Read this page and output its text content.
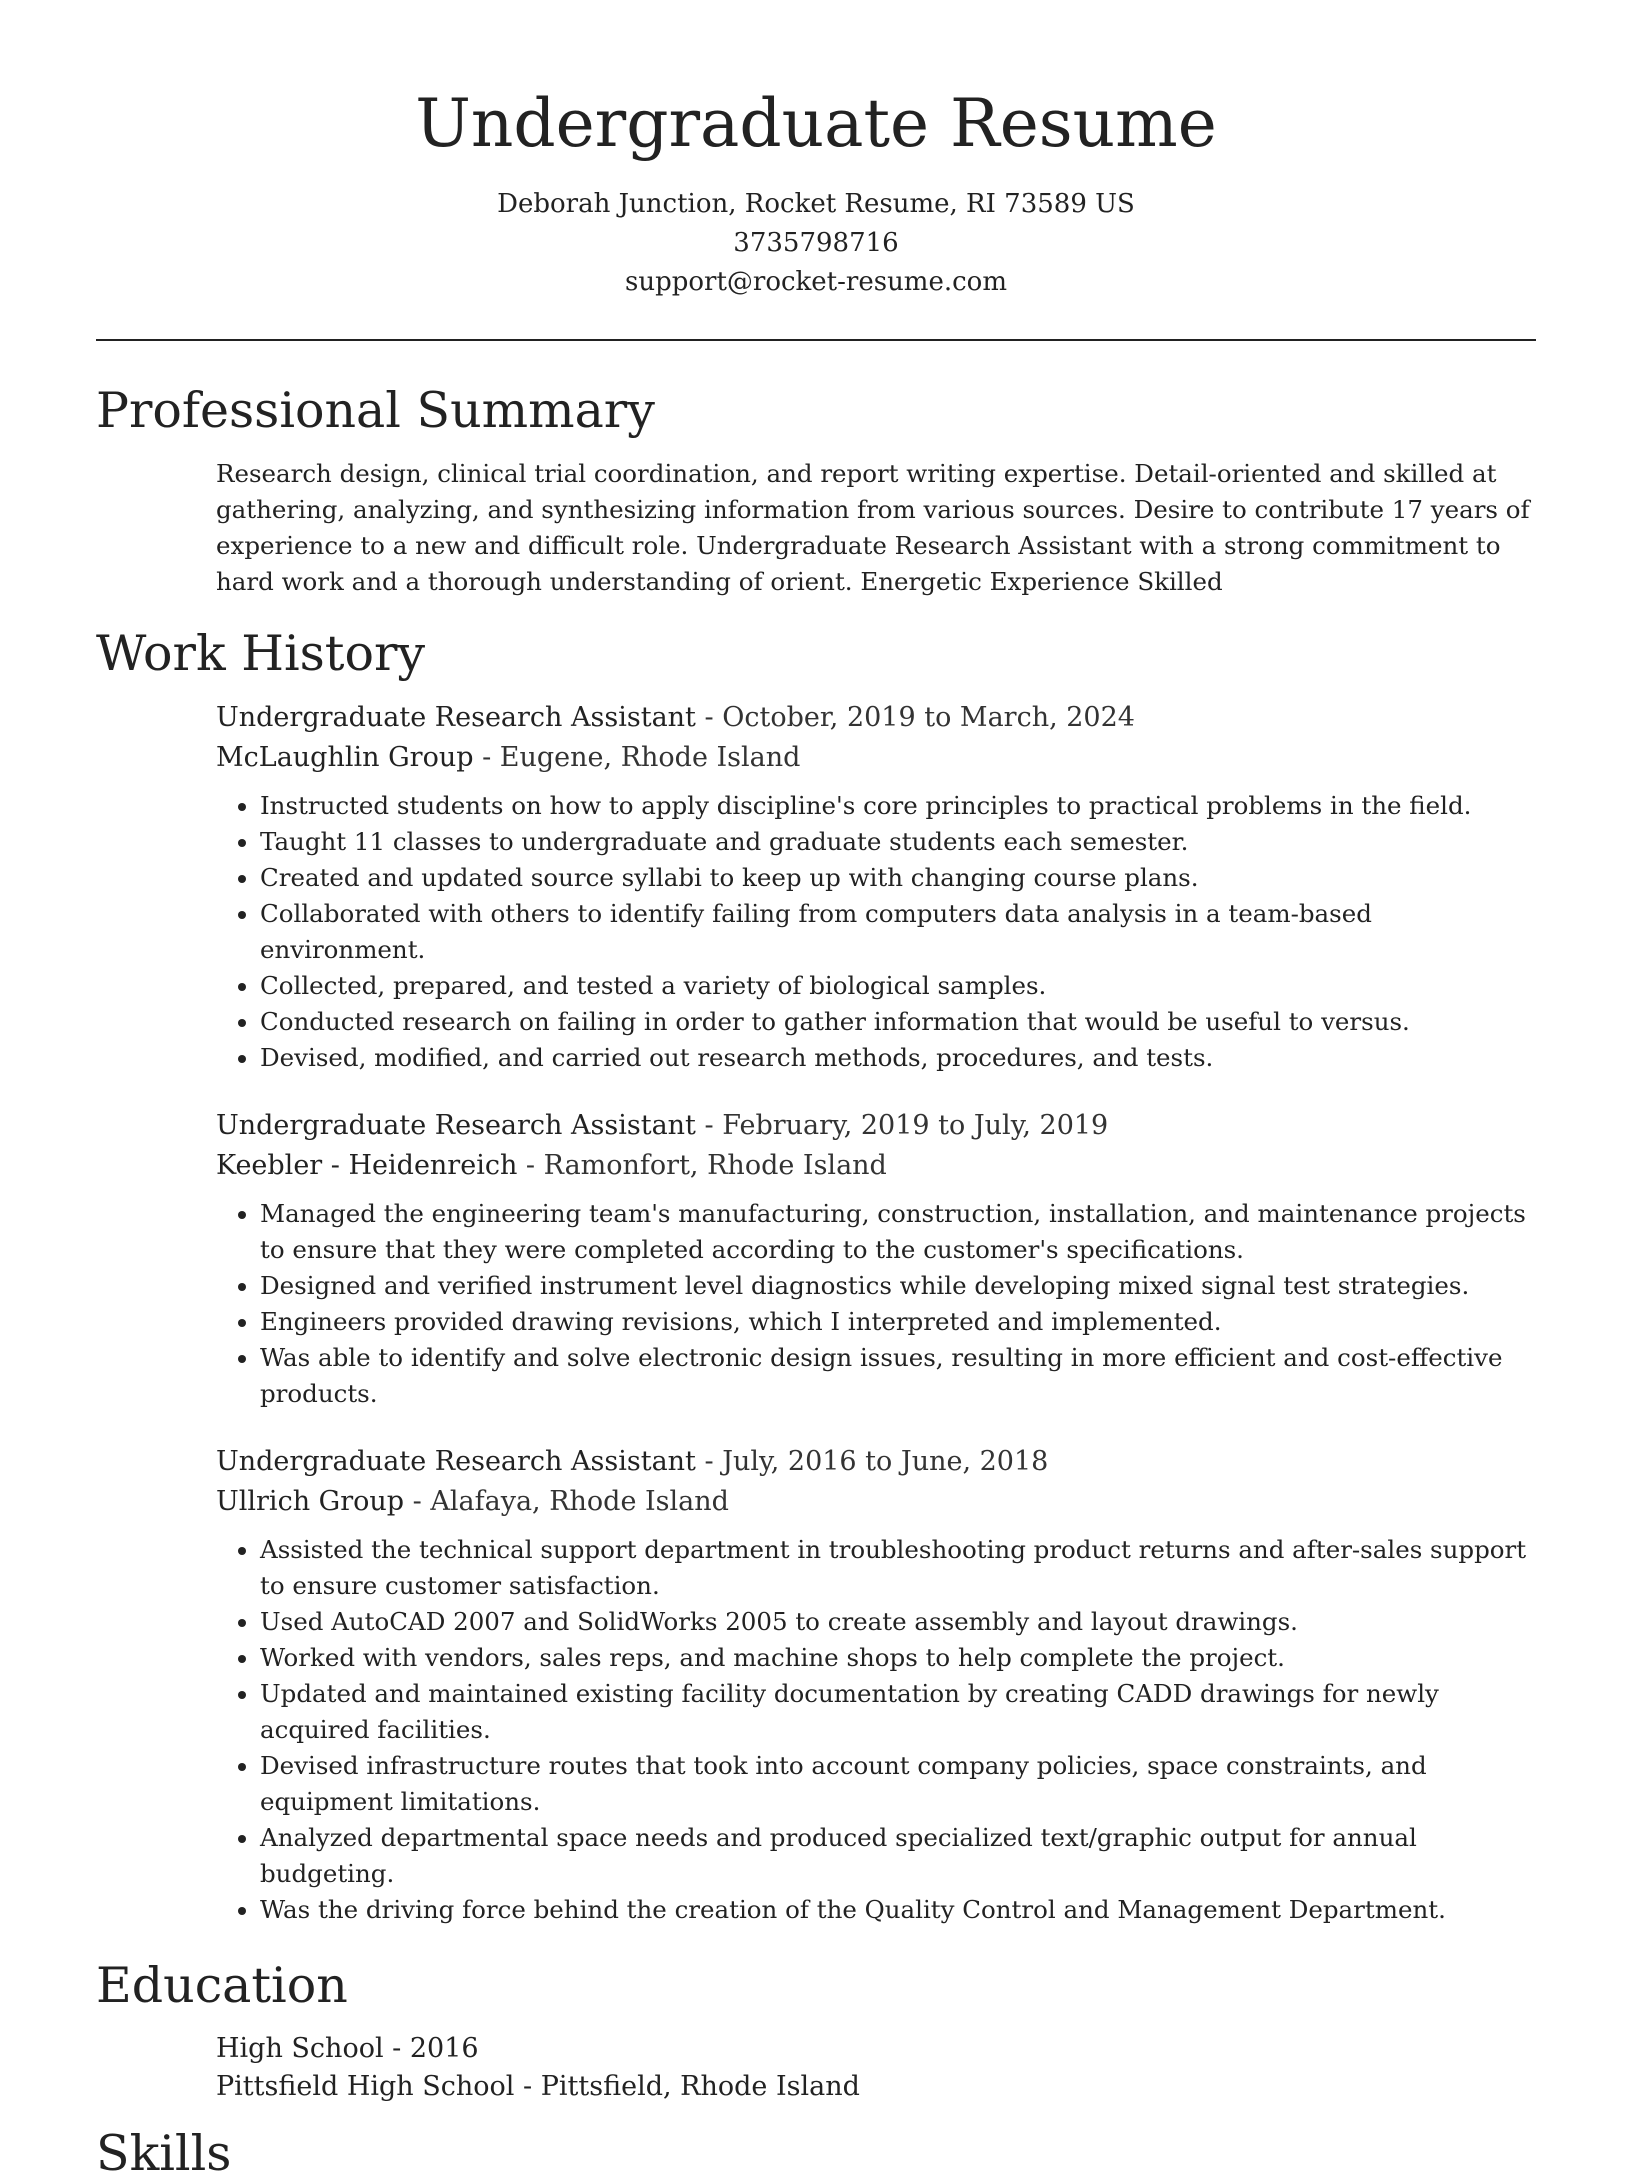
Undergraduate Resume

Deborah Junction, Rocket Resume, RI 73589 US

3735798716

support@rocket-resume.com

Professional Summary

Research design, clinical trial coordination, and report writing expertise. Detail-oriented and skilled at gathering, analyzing, and synthesizing information from various sources. Desire to contribute 17 years of experience to a new and difficult role. Undergraduate Research Assistant with a strong commitment to hard work and a thorough understanding of orient. Energetic Experience Skilled

Work History

Undergraduate Research Assistant - October, 2019 to March, 2024

McLaughlin Group - Eugene, Rhode Island

• Instructed students on how to apply discipline's core principles to practical problems in the field.
• Taught 11 classes to undergraduate and graduate students each semester.
• Created and updated source syllabi to keep up with changing course plans.
• Collaborated with others to identify failing from computers data analysis in a team-based environment.
• Collected, prepared, and tested a variety of biological samples.
• Conducted research on failing in order to gather information that would be useful to versus.
• Devised, modified, and carried out research methods, procedures, and tests.

Undergraduate Research Assistant - February, 2019 to July, 2019

Keebler - Heidenreich - Ramonfort, Rhode Island

• Managed the engineering team's manufacturing, construction, installation, and maintenance projects to ensure that they were completed according to the customer's specifications.
• Designed and verified instrument level diagnostics while developing mixed signal test strategies.
• Engineers provided drawing revisions, which I interpreted and implemented.
• Was able to identify and solve electronic design issues, resulting in more efficient and cost-effective products.

Undergraduate Research Assistant - July, 2016 to June, 2018

Ullrich Group - Alafaya, Rhode Island

• Assisted the technical support department in troubleshooting product returns and after-sales support to ensure customer satisfaction.
• Used AutoCAD 2007 and SolidWorks 2005 to create assembly and layout drawings.
• Worked with vendors, sales reps, and machine shops to help complete the project.
• Updated and maintained existing facility documentation by creating CADD drawings for newly acquired facilities.
• Devised infrastructure routes that took into account company policies, space constraints, and equipment limitations.
• Analyzed departmental space needs and produced specialized text/graphic output for annual budgeting.
• Was the driving force behind the creation of the Quality Control and Management Department.
Education

High School - 2016

Pittsfield High School - Pittsfield, Rhode Island

Skills
